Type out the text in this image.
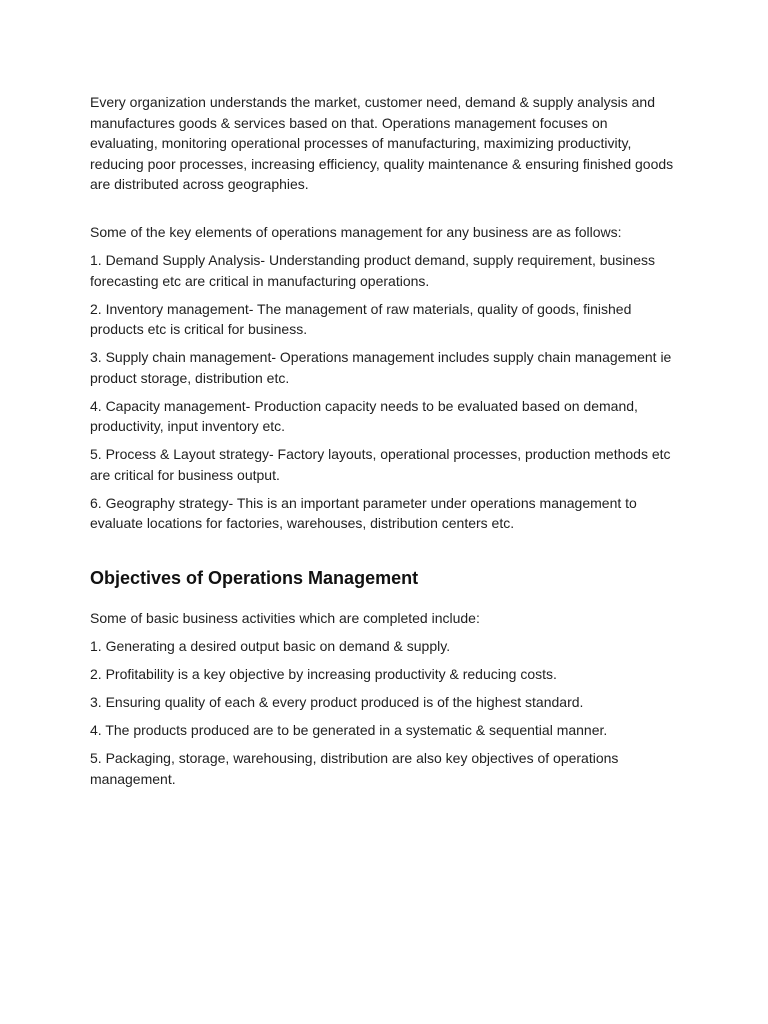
Every organization understands the market, customer need, demand & supply analysis and manufactures goods & services based on that. Operations management focuses on evaluating, monitoring operational processes of manufacturing, maximizing productivity, reducing poor processes, increasing efficiency, quality maintenance & ensuring finished goods are distributed across geographies.

Some of the key elements of operations management for any business are as follows:

1. Demand Supply Analysis- Understanding product demand, supply requirement, business forecasting etc are critical in manufacturing operations.
2. Inventory management- The management of raw materials, quality of goods, finished products etc is critical for business.
3. Supply chain management- Operations management includes supply chain management ie product storage, distribution etc.
4. Capacity management- Production capacity needs to be evaluated based on demand, productivity, input inventory etc.
5. Process & Layout strategy- Factory layouts, operational processes, production methods etc are critical for business output.
6. Geography strategy- This is an important parameter under operations management to evaluate locations for factories, warehouses, distribution centers etc.
Objectives of Operations Management

Some of basic business activities which are completed include:

1. Generating a desired output basic on demand & supply.
2. Profitability is a key objective by increasing productivity & reducing costs.
3. Ensuring quality of each & every product produced is of the highest standard.
4. The products produced are to be generated in a systematic & sequential manner.
5. Packaging, storage, warehousing, distribution are also key objectives of operations management.
